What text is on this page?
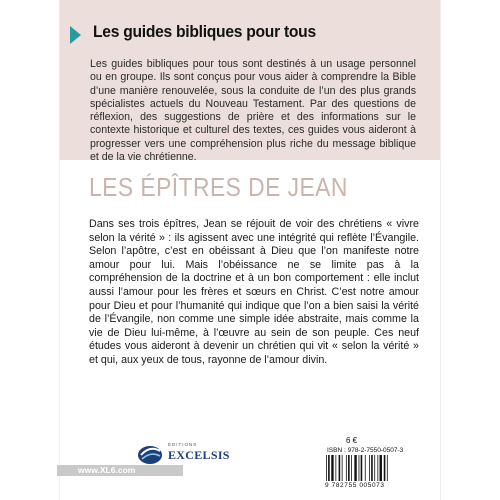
Les guides bibliques pour tous
Les guides bibliques pour tous sont destinés à un usage personnel ou en groupe. Ils sont conçus pour vous aider à comprendre la Bible d’une manière renouvelée, sous la conduite de l’un des plus grands spécialistes actuels du Nouveau Testament. Par des questions de réflexion, des suggestions de prière et des informations sur le contexte historique et culturel des textes, ces guides vous aideront à progresser vers une compréhension plus riche du message biblique et de la vie chrétienne.
LES ÉPÎTRES DE JEAN
Dans ses trois épîtres, Jean se réjouit de voir des chrétiens « vivre selon la vérité » : ils agissent avec une intégrité qui reflète l’Évangile. Selon l’apôtre, c’est en obéissant à Dieu que l’on manifeste notre amour pour lui. Mais l’obéissance ne se limite pas à la compréhension de la doctrine et à un bon comportement : elle inclut aussi l’amour pour les frères et sœurs en Christ. C’est notre amour pour Dieu et pour l’humanité qui indique que l’on a bien saisi la vérité de l’Évangile, non comme une simple idée abstraite, mais comme la vie de Dieu lui-même, à l’œuvre au sein de son peuple. Ces neuf études vous aideront à devenir un chrétien qui vit « selon la vérité » et qui, aux yeux de tous, rayonne de l’amour divin.
ÉDITIONS
EXCELSIS
6 €
ISBN : 978-2-7550-0507-3
9 782755 005073
www.XL6.com
